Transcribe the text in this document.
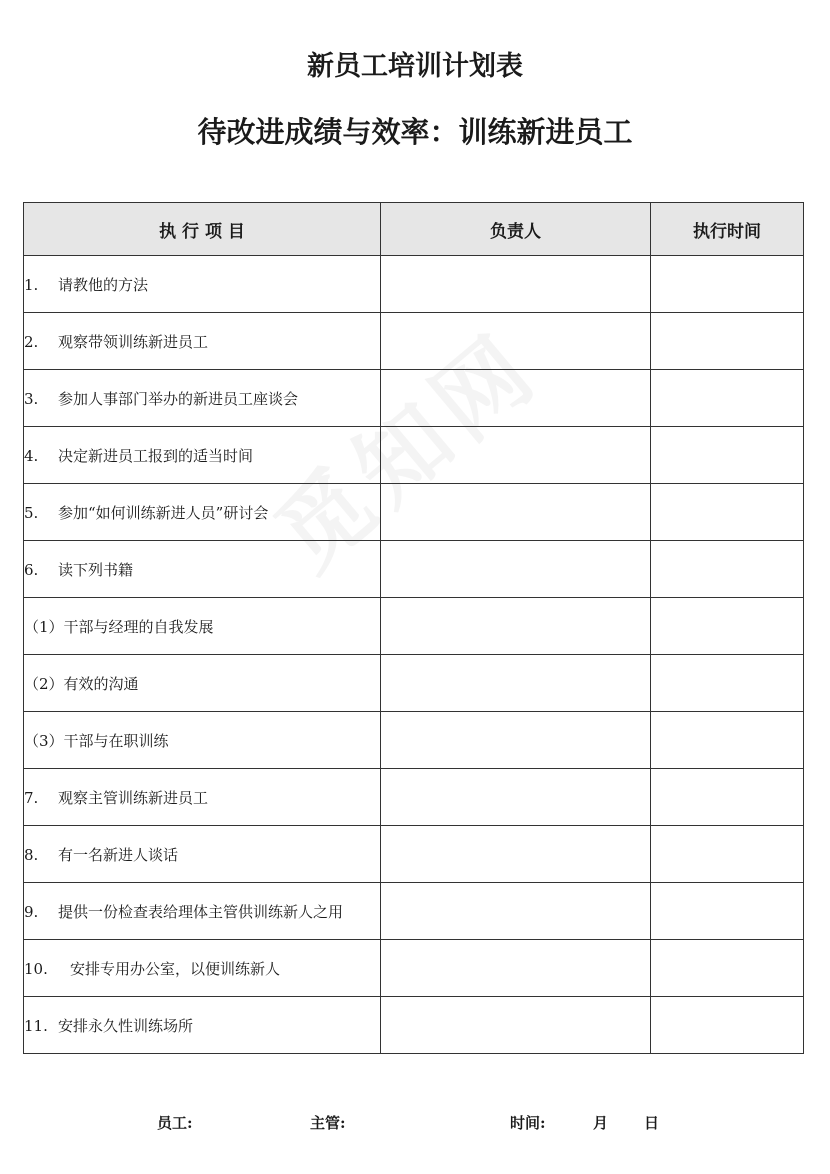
新员工培训计划表
待改进成绩与效率：训练新进员工
执 行 项 目	负责人	执行时间
1. 请教他的方法		
2. 观察带领训练新进员工		
3. 参加人事部门举办的新进员工座谈会		
4. 决定新进员工报到的适当时间		
5. 参加“如何训练新进人员”研讨会		
6. 读下列书籍		
（1）干部与经理的自我发展		
（2）有效的沟通		
（3）干部与在职训练		
7. 观察主管训练新进员工		
8. 有一名新进人谈话		
9. 提供一份检查表给理体主管供训练新人之用		
10. 安排专用办公室，以便训练新人		
11. 安排永久性训练场所		
员工:	主管:	时间:	月 日
